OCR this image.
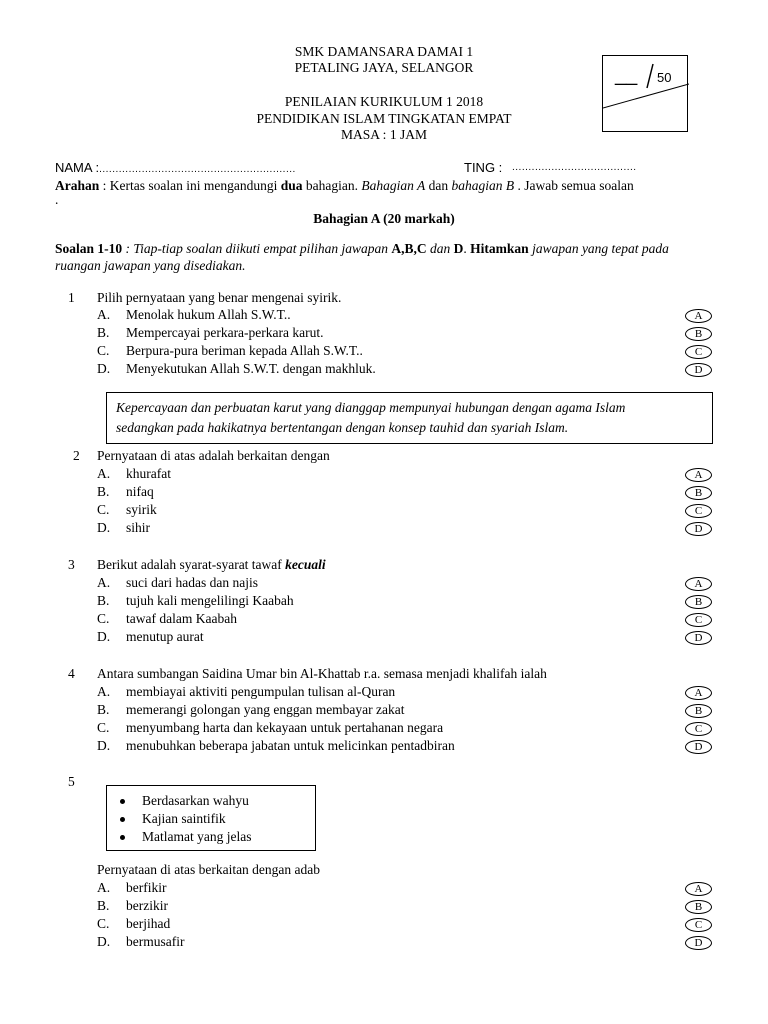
SMK DAMANSARA DAMAI 1
PETALING JAYA, SELANGOR
PENILAIAN KURIKULUM 1 2018
PENDIDIKAN ISLAM TINGKATAN EMPAT
MASA : 1 JAM
__ 50
NAMA :............................................................	TING : ......................................
Arahan : Kertas soalan ini mengandungi dua bahagian. Bahagian A dan bahagian B . Jawab semua soalan
.
Bahagian A (20 markah)
Soalan 1-10 : Tiap-tiap soalan diikuti empat pilihan jawapan A,B,C dan D. Hitamkan jawapan yang tepat pada
ruangan jawapan yang disediakan.
1 Pilih pernyataan yang benar mengenai syirik.
A. Menolak hukum Allah S.W.T..	A
B. Mempercayai perkara-perkara karut.	B
C. Berpura-pura beriman kepada Allah S.W.T..	C
D. Menyekutukan Allah S.W.T. dengan makhluk.	D
Kepercayaan dan perbuatan karut yang dianggap mempunyai hubungan dengan agama Islam
sedangkan pada hakikatnya bertentangan dengan konsep tauhid dan syariah Islam.
2 Pernyataan di atas adalah berkaitan dengan
A. khurafat	A
B. nifaq	B
C. syirik	C
D. sihir	D
3 Berikut adalah syarat-syarat tawaf kecuali
A. suci dari hadas dan najis	A
B. tujuh kali mengelilingi Kaabah	B
C. tawaf dalam Kaabah	C
D. menutup aurat	D
4 Antara sumbangan Saidina Umar bin Al-Khattab r.a. semasa menjadi khalifah ialah
A. membiayai aktiviti pengumpulan tulisan al-Quran	A
B. memerangi golongan yang enggan membayar zakat	B
C. menyumbang harta dan kekayaan untuk pertahanan negara	C
D. menubuhkan beberapa jabatan untuk melicinkan pentadbiran	D
5
Berdasarkan wahyu
Kajian saintifik
Matlamat yang jelas
Pernyataan di atas berkaitan dengan adab
A. berfikir	A
B. berzikir	B
C. berjihad	C
D. bermusafir	D
